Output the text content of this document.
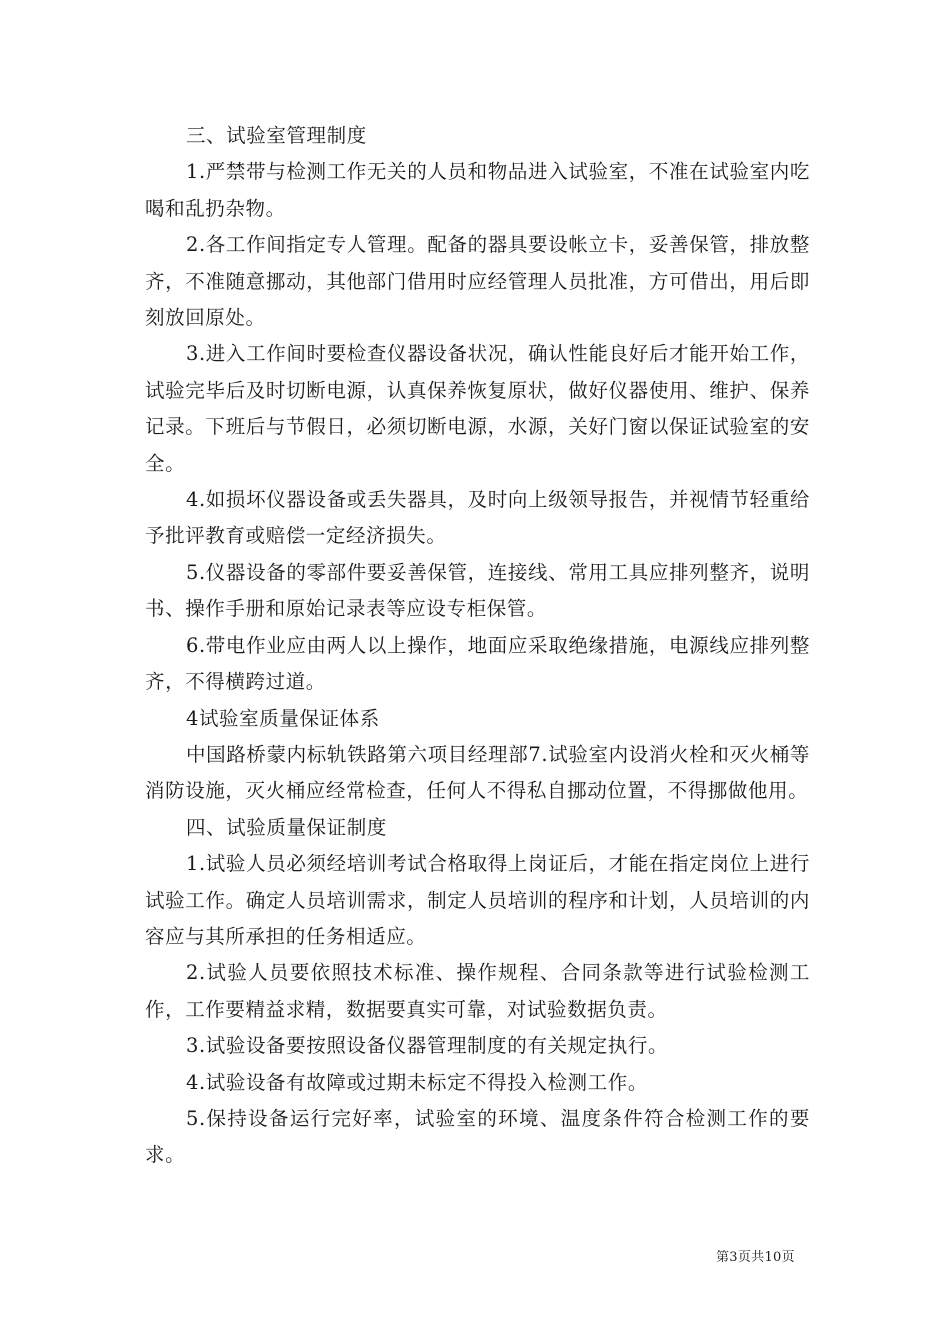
三、试验室管理制度

1.严禁带与检测工作无关的人员和物品进入试验室，不准在试验室内吃喝和乱扔杂物。

2.各工作间指定专人管理。配备的器具要设帐立卡，妥善保管，排放整齐，不准随意挪动，其他部门借用时应经管理人员批准，方可借出，用后即刻放回原处。

3.进入工作间时要检查仪器设备状况，确认性能良好后才能开始工作，试验完毕后及时切断电源，认真保养恢复原状，做好仪器使用、维护、保养记录。下班后与节假日，必须切断电源，水源，关好门窗以保证试验室的安全。

4.如损坏仪器设备或丢失器具，及时向上级领导报告，并视情节轻重给予批评教育或赔偿一定经济损失。

5.仪器设备的零部件要妥善保管，连接线、常用工具应排列整齐，说明书、操作手册和原始记录表等应设专柜保管。

6.带电作业应由两人以上操作，地面应采取绝缘措施，电源线应排列整齐，不得横跨过道。

4试验室质量保证体系

中国路桥蒙内标轨铁路第六项目经理部7.试验室内设消火栓和灭火桶等消防设施，灭火桶应经常检查，任何人不得私自挪动位置，不得挪做他用。

四、试验质量保证制度

1.试验人员必须经培训考试合格取得上岗证后，才能在指定岗位上进行试验工作。确定人员培训需求，制定人员培训的程序和计划，人员培训的内容应与其所承担的任务相适应。

2.试验人员要依照技术标准、操作规程、合同条款等进行试验检测工作，工作要精益求精，数据要真实可靠，对试验数据负责。

3.试验设备要按照设备仪器管理制度的有关规定执行。

4.试验设备有故障或过期未标定不得投入检测工作。

5.保持设备运行完好率，试验室的环境、温度条件符合检测工作的要求。

第3页共10页
